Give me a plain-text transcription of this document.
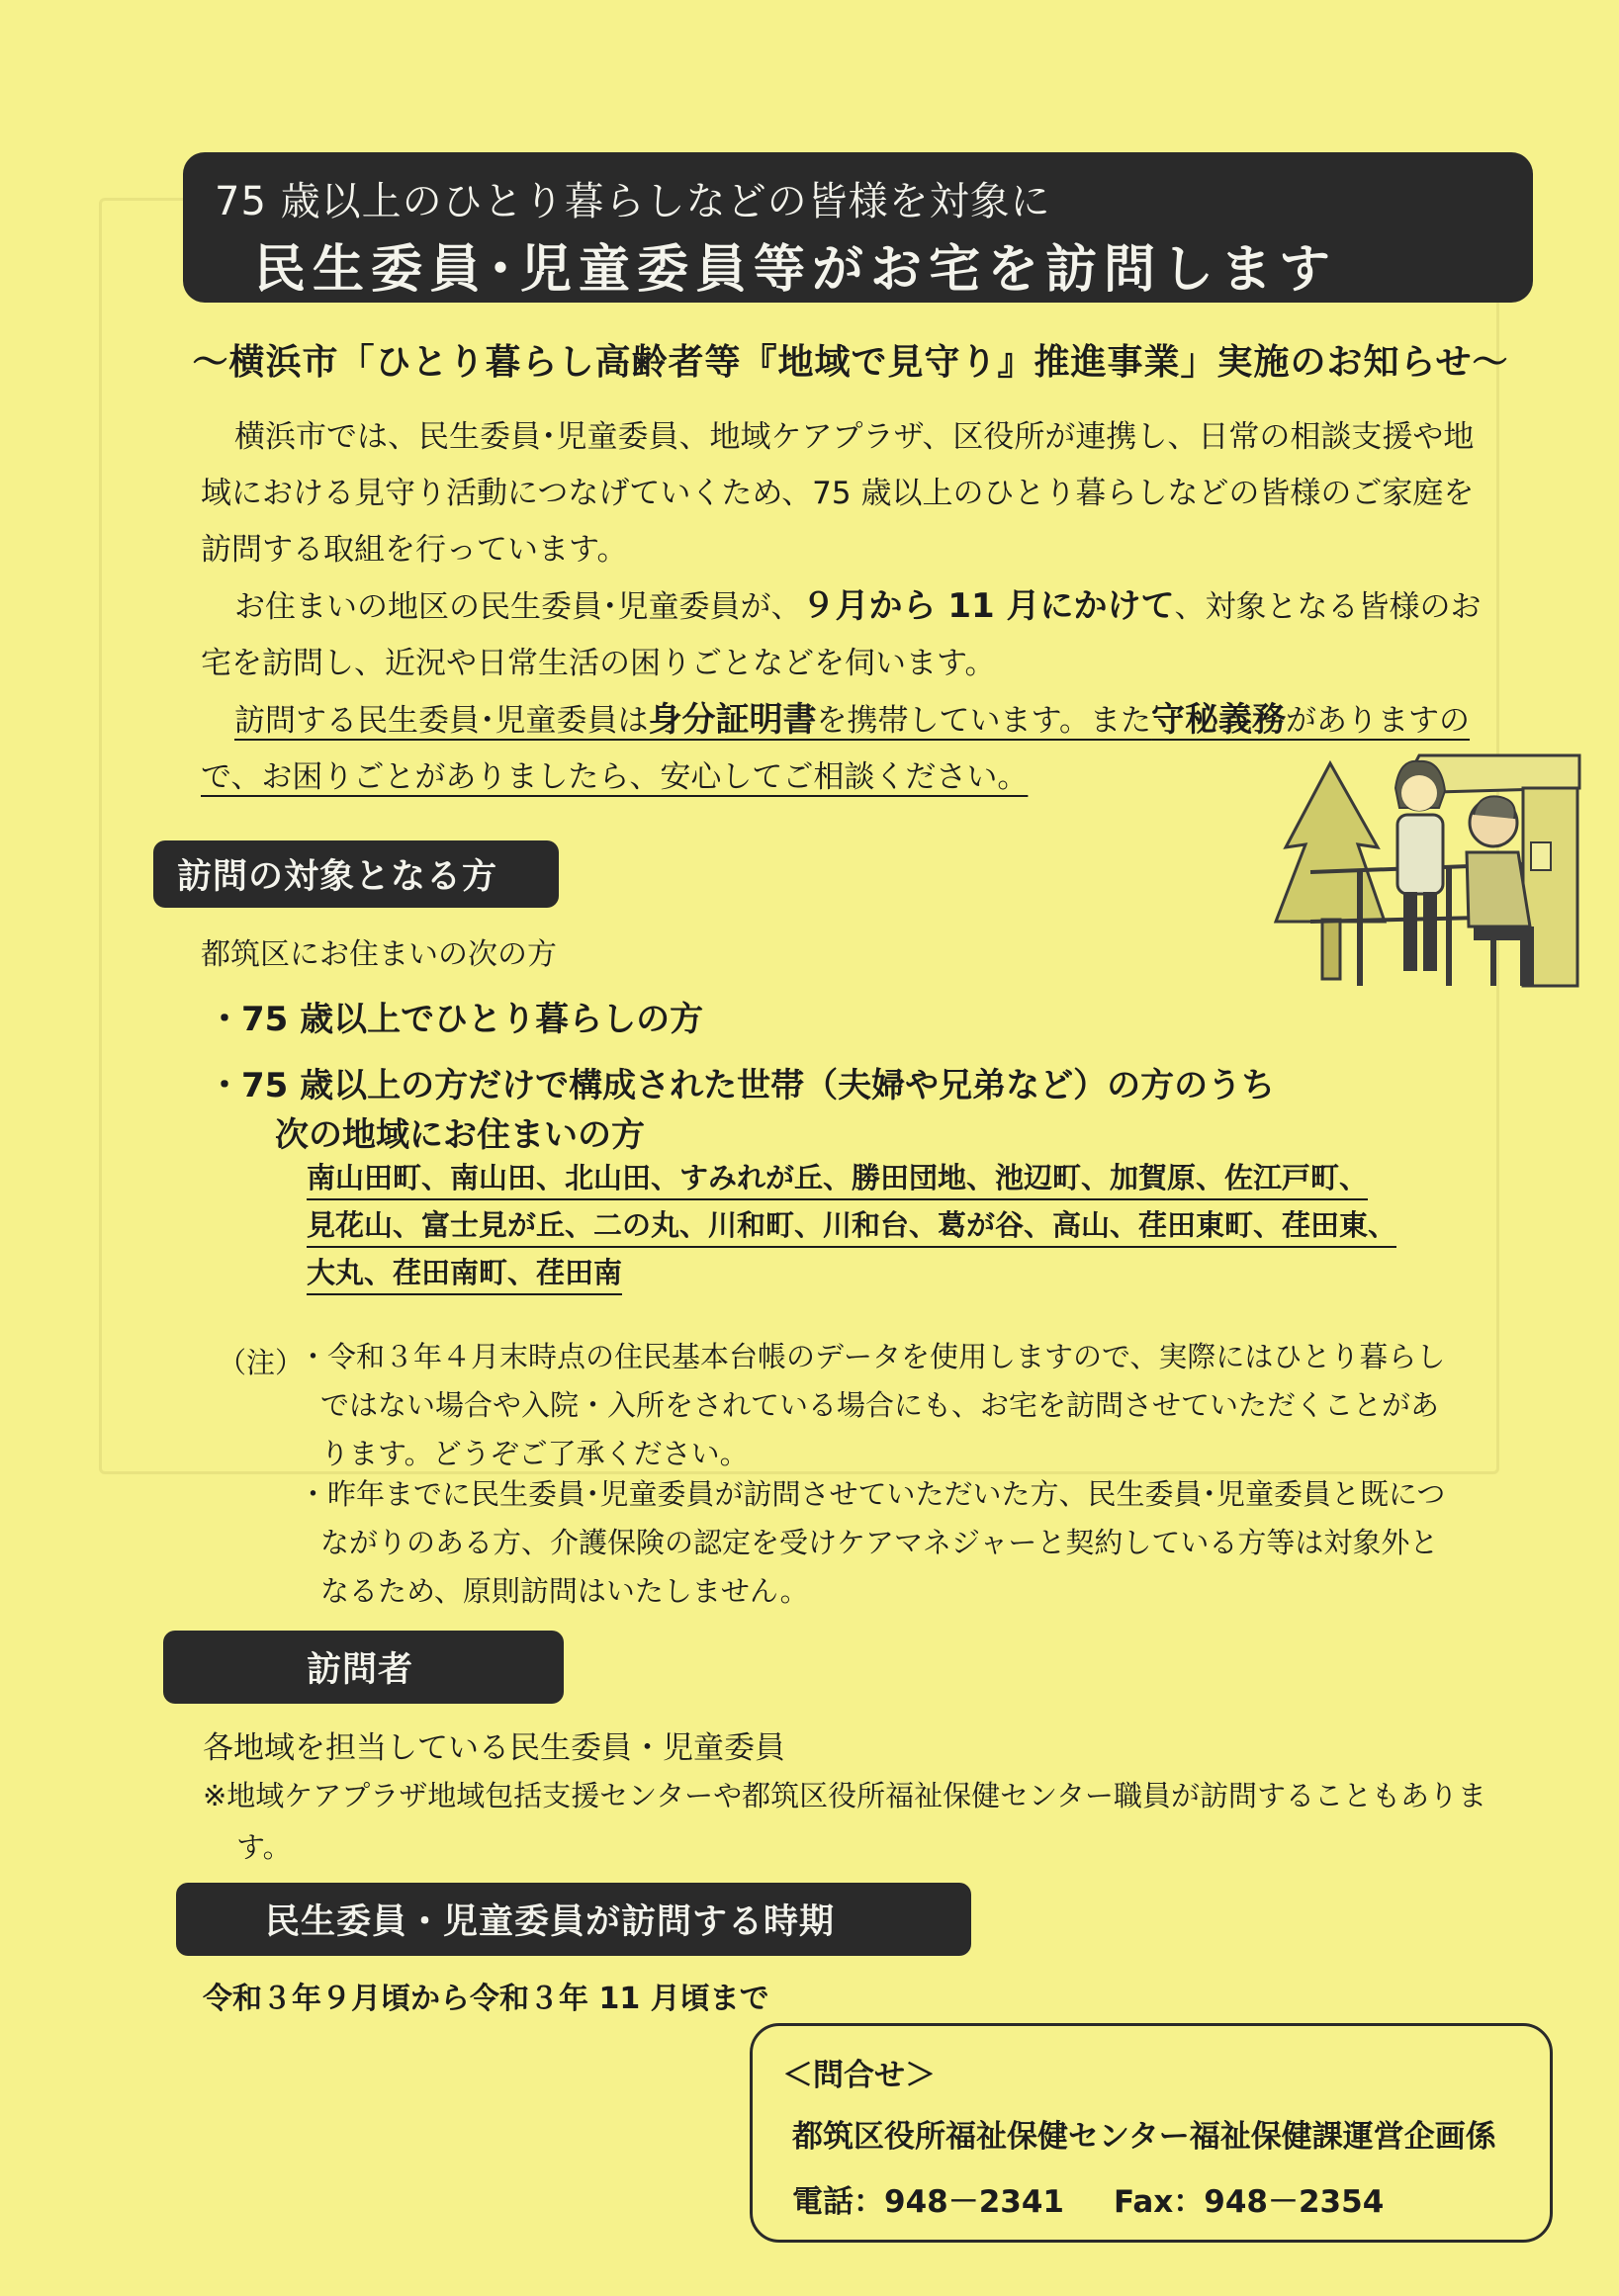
75 歳以上のひとり暮らしなどの皆様を対象に
民生委員･児童委員等がお宅を訪問します
～横浜市「ひとり暮らし高齢者等『地域で見守り』推進事業」実施のお知らせ～

横浜市では、民生委員･児童委員、地域ケアプラザ、区役所が連携し、日常の相談支援や地域における見守り活動につなげていくため、75 歳以上のひとり暮らしなどの皆様のご家庭を訪問する取組を行っています。

お住まいの地区の民生委員･児童委員が、９月から 11 月にかけて、対象となる皆様のお宅を訪問し、近況や日常生活の困りごとなどを伺います。

訪問する民生委員･児童委員は身分証明書を携帯しています。また守秘義務がありますので、お困りごとがありましたら、安心してご相談ください。

訪問の対象となる方
都筑区にお住まいの次の方
・75 歳以上でひとり暮らしの方
・75 歳以上の方だけで構成された世帯（夫婦や兄弟など）の方のうち
次の地域にお住まいの方
南山田町、南山田、北山田、すみれが丘、勝田団地、池辺町、加賀原、佐江戸町、
見花山、富士見が丘、二の丸、川和町、川和台、葛が谷、高山、荏田東町、荏田東、
大丸、荏田南町、荏田南
（注）
・令和３年４月末時点の住民基本台帳のデータを使用しますので、実際にはひとり暮らしではない場合や入院・入所をされている場合にも、お宅を訪問させていただくことがあります。どうぞご了承ください。
・昨年までに民生委員･児童委員が訪問させていただいた方、民生委員･児童委員と既につながりのある方、介護保険の認定を受けケアマネジャーと契約している方等は対象外となるため、原則訪問はいたしません。
訪問者
各地域を担当している民生委員・児童委員
※地域ケアプラザ地域包括支援センターや都筑区役所福祉保健センター職員が訪問することもあります。
民生委員・児童委員が訪問する時期
令和３年９月頃から令和３年 11 月頃まで
＜問合せ＞
都筑区役所福祉保健センター福祉保健課運営企画係
電話：948－2341 Fax：948－2354
